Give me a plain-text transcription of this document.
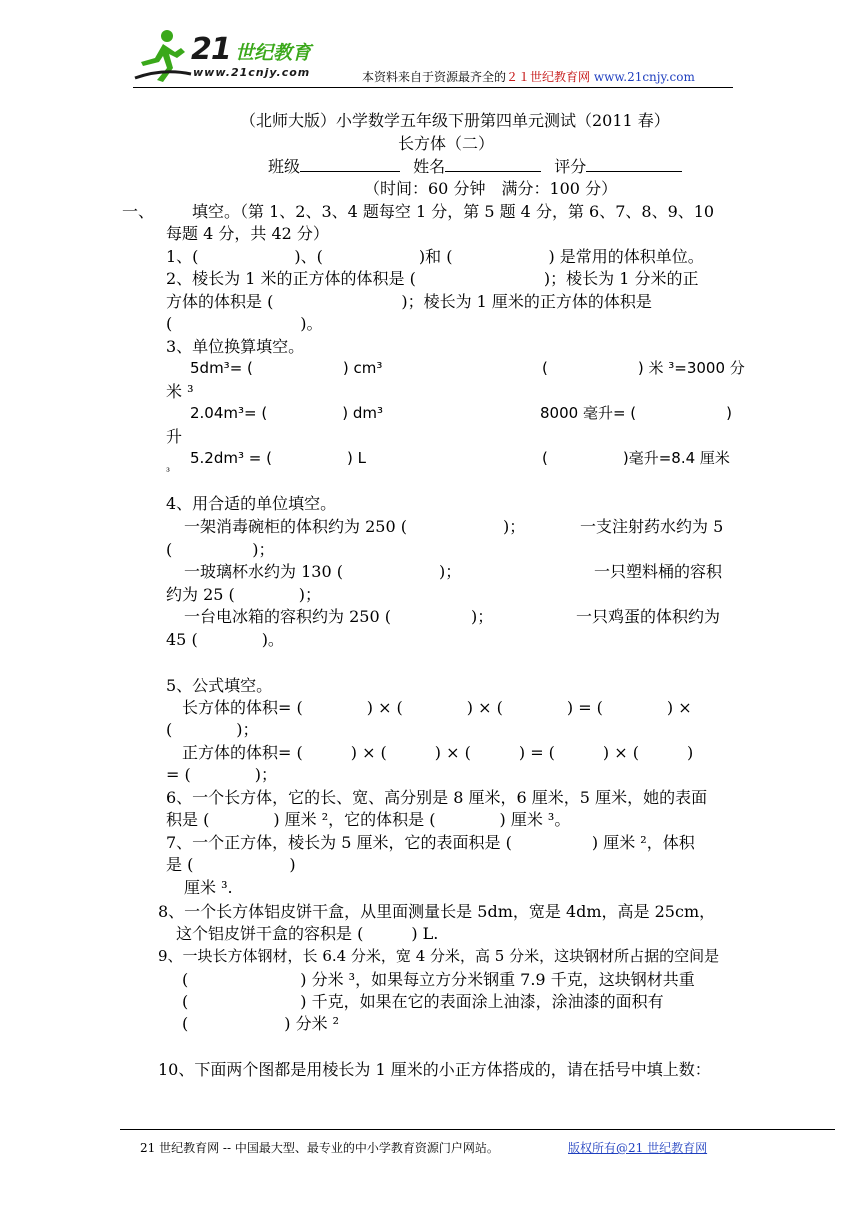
21 世纪教育
www.21cnjy.com	本资料来自于资源最齐全的２１世纪教育网 www.21cnjy.com
（北师大版）小学数学五年级下册第四单元测试（2011 春）
长方体（二）
班级	姓名	评分
（时间：60 分钟　满分：100 分）
一、 填空。（第 1、2、3、4 题每空 1 分，第 5 题 4 分，第 6、7、8、9、10
每题 4 分，共 42 分）
1、(　　　　　　)、(　　　　　　)和 (　　　　　　) 是常用的体积单位。
2、棱长为 1 米的正方体的体积是 (　　　　　　　　)；棱长为 1 分米的正
方体的体积是 (　　　　　　　　)；棱长为 1 厘米的正方体的体积是
(　　　　　　　　)。
3、单位换算填空。
5dm³= (　　　　　　) cm³	(　　　　　　) 米 ³=3000 分
米 ³
2.04m³= (　　　　　) dm³	8000 毫升= (　　　　　　)
升
5.2dm³ = (　　　　　) L	(　　　　　)毫升=8.4 厘米
³
4、用合适的单位填空。
一架消毒碗柜的体积约为 250 (　　　　　　)；	一支注射药水约为 5
(　　　　　)；
一玻璃杯水约为 130 (　　　　　　)；	一只塑料桶的容积
约为 25 (　　　　)；
一台电冰箱的容积约为 250 (　　　　　)；	一只鸡蛋的体积约为
45 (　　　　)。
5、公式填空。
长方体的体积= (　　　　) × (　　　　) × (　　　　) = (　　　　) ×
(　　　　)；
正方体的体积= (　　　) × (　　　) × (　　　) = (　　　) × (　　　)
= (　　　　)；
6、一个长方体，它的长、宽、高分别是 8 厘米，6 厘米，5 厘米，她的表面
积是 (　　　　) 厘米 ²，它的体积是 (　　　　) 厘米 ³。
7、一个正方体，棱长为 5 厘米，它的表面积是 (　　　　　) 厘米 ²，体积
是 (　　　　　　)
厘米 ³.
8、一个长方体铝皮饼干盒，从里面测量长是 5dm，宽是 4dm，高是 25cm，
这个铝皮饼干盒的容积是 (　　　) L.
9、一块长方体钢材，长 6.4 分米，宽 4 分米，高 5 分米，这块钢材所占据的空间是
(　　　　　　　) 分米 ³，如果每立方分米钢重 7.9 千克，这块钢材共重
(　　　　　　　) 千克，如果在它的表面涂上油漆，涂油漆的面积有
(　　　　　　) 分米 ²
10、下面两个图都是用棱长为 1 厘米的小正方体搭成的，请在括号中填上数：
21 世纪教育网 -- 中国最大型、最专业的中小学教育资源门户网站。	版权所有@21 世纪教育网
